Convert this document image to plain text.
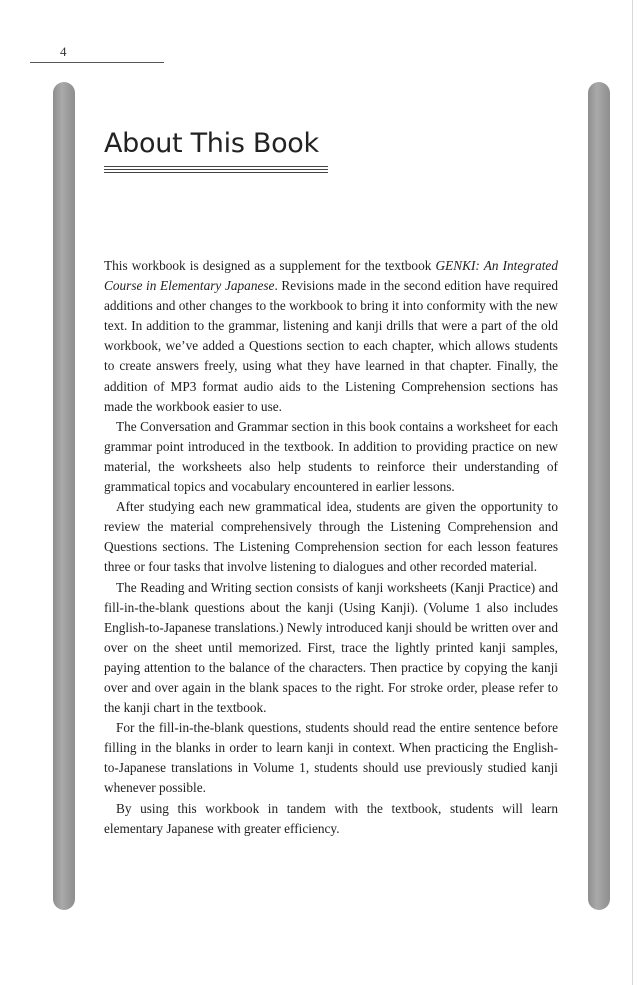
4
About This Book

This workbook is designed as a supplement for the textbook GENKI: An Integrated Course in Elementary Japanese. Revisions made in the second edition have required additions and other changes to the workbook to bring it into conformity with the new text. In addition to the grammar, listening and kanji drills that were a part of the old workbook, we’ve added a Questions section to each chapter, which allows students to create answers freely, using what they have learned in that chapter. Finally, the addition of MP3 format audio aids to the Listening Comprehension sections has made the workbook easier to use.

The Conversation and Grammar section in this book contains a worksheet for each grammar point introduced in the textbook. In addition to providing practice on new material, the worksheets also help students to reinforce their understanding of grammatical topics and vocabulary encountered in earlier lessons.

After studying each new grammatical idea, students are given the opportunity to review the material comprehensively through the Listening Comprehension and Questions sections. The Listening Comprehension section for each lesson features three or four tasks that involve listening to dialogues and other recorded material.

The Reading and Writing section consists of kanji worksheets (Kanji Practice) and fill-in-the-blank questions about the kanji (Using Kanji). (Volume 1 also includes English-to-Japanese translations.) Newly introduced kanji should be written over and over on the sheet until memorized. First, trace the lightly printed kanji samples, paying attention to the balance of the characters. Then practice by copying the kanji over and over again in the blank spaces to the right. For stroke order, please refer to the kanji chart in the textbook.

For the fill-in-the-blank questions, students should read the entire sentence before filling in the blanks in order to learn kanji in context. When practicing the English-to-Japanese translations in Volume 1, students should use previously studied kanji whenever possible.

By using this workbook in tandem with the textbook, students will learn elementary Japanese with greater efficiency.
